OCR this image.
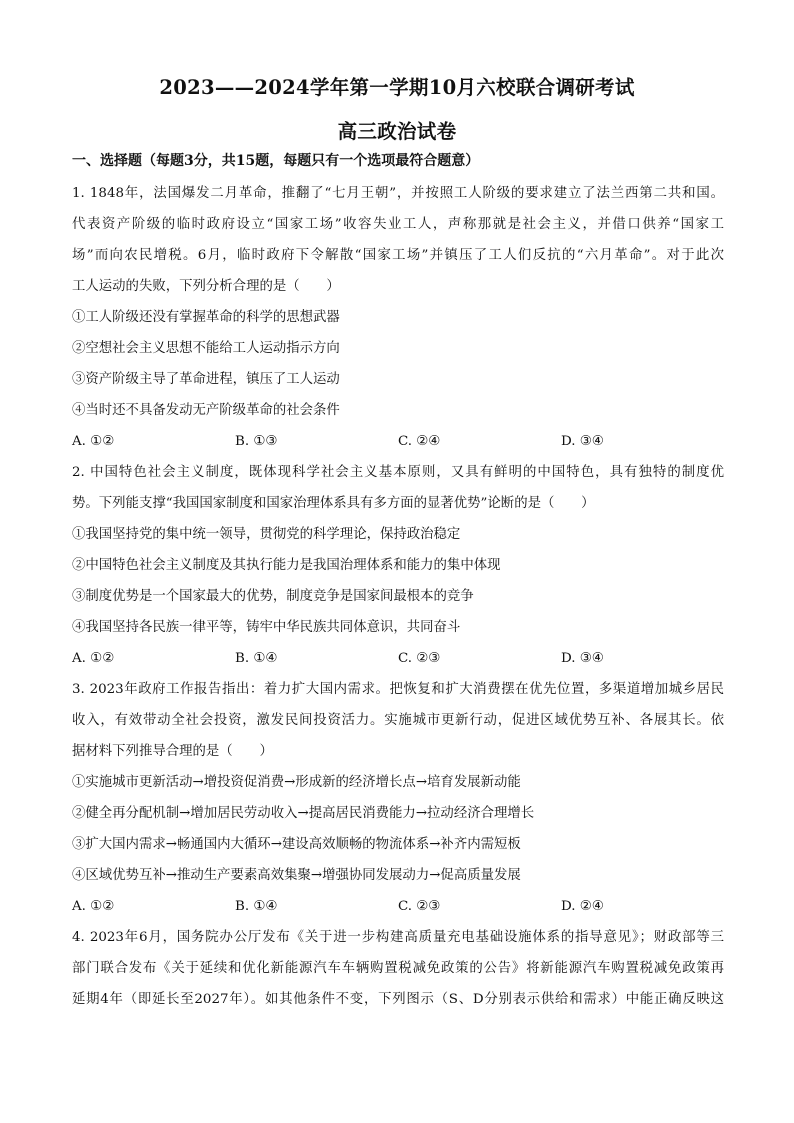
2023——2024学年第一学期10月六校联合调研考试
高三政治试卷
一、选择题（每题3分，共15题，每题只有一个选项最符合题意）
1. 1848年，法国爆发二月革命，推翻了“七月王朝”，并按照工人阶级的要求建立了法兰西第二共和国。
代表资产阶级的临时政府设立“国家工场”收容失业工人，声称那就是社会主义，并借口供养“国家工
场”而向农民增税。6月，临时政府下令解散“国家工场”并镇压了工人们反抗的“六月革命”。对于此次
工人运动的失败，下列分析合理的是（　　）
①工人阶级还没有掌握革命的科学的思想武器
②空想社会主义思想不能给工人运动指示方向
③资产阶级主导了革命进程，镇压了工人运动
④当时还不具备发动无产阶级革命的社会条件
A. ①②	B. ①③	C. ②④	D. ③④
2. 中国特色社会主义制度，既体现科学社会主义基本原则，又具有鲜明的中国特色，具有独特的制度优
势。下列能支撑“我国国家制度和国家治理体系具有多方面的显著优势”论断的是（　　）
①我国坚持党的集中统一领导，贯彻党的科学理论，保持政治稳定
②中国特色社会主义制度及其执行能力是我国治理体系和能力的集中体现
③制度优势是一个国家最大的优势，制度竞争是国家间最根本的竞争
④我国坚持各民族一律平等，铸牢中华民族共同体意识，共同奋斗
A. ①②	B. ①④	C. ②③	D. ③④
3. 2023年政府工作报告指出：着力扩大国内需求。把恢复和扩大消费摆在优先位置，多渠道增加城乡居民
收入，有效带动全社会投资，激发民间投资活力。实施城市更新行动，促进区域优势互补、各展其长。依
据材料下列推导合理的是（　　）
①实施城市更新活动→增投资促消费→形成新的经济增长点→培育发展新动能
②健全再分配机制→增加居民劳动收入→提高居民消费能力→拉动经济合理增长
③扩大国内需求→畅通国内大循环→建设高效顺畅的物流体系→补齐内需短板
④区域优势互补→推动生产要素高效集聚→增强协同发展动力→促高质量发展
A. ①②	B. ①④	C. ②③	D. ②④
4. 2023年6月，国务院办公厅发布《关于进一步构建高质量充电基础设施体系的指导意见》；财政部等三
部门联合发布《关于延续和优化新能源汽车车辆购置税减免政策的公告》将新能源汽车购置税减免政策再
延期4年（即延长至2027年）。如其他条件不变，下列图示（S、D分别表示供给和需求）中能正确反映这
